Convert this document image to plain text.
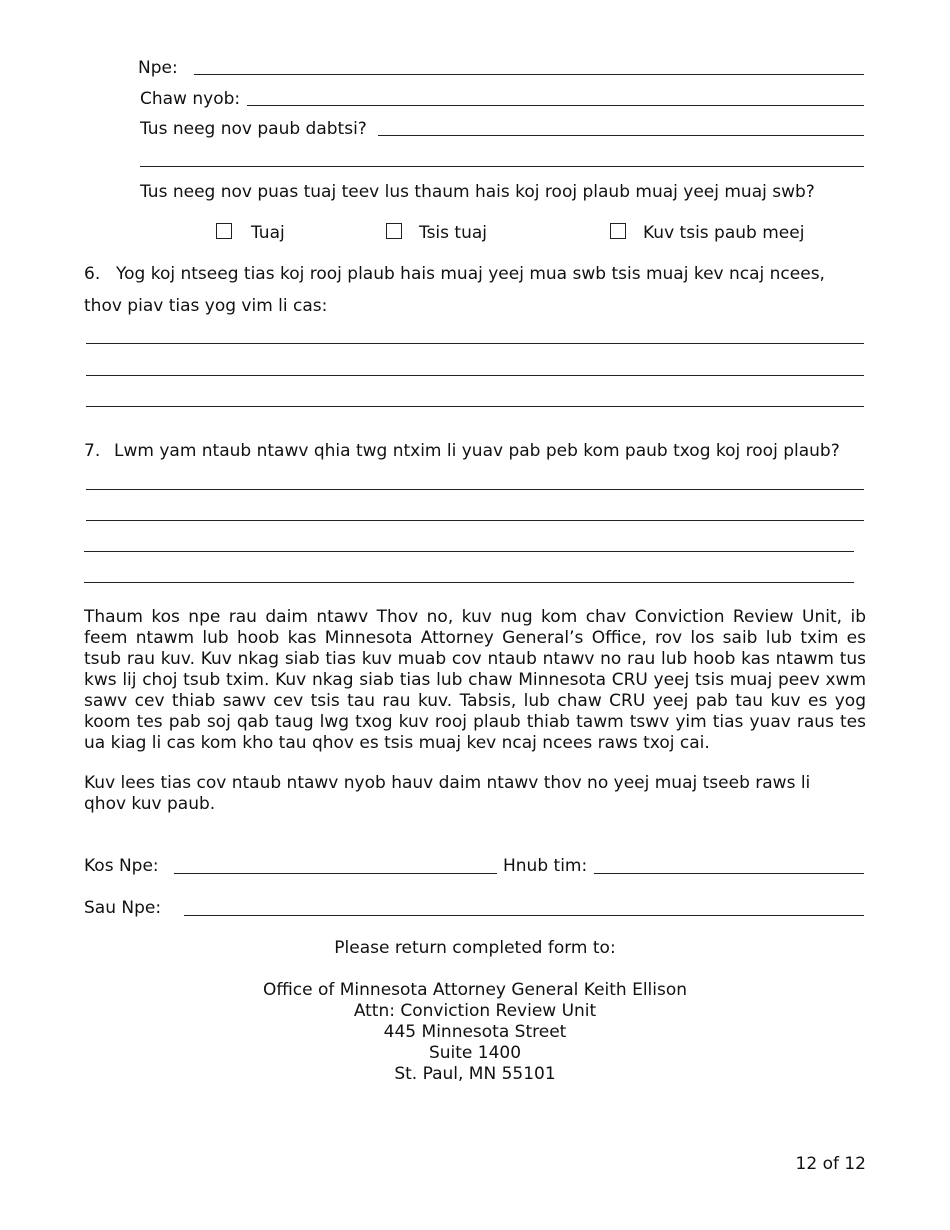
Npe:
Chaw nyob:
Tus neeg nov paub dabtsi?
Tus neeg nov puas tuaj teev lus thaum hais koj rooj plaub muaj yeej muaj swb?
Tuaj	Tsis tuaj	Kuv tsis paub meej
6. Yog koj ntseeg tias koj rooj plaub hais muaj yeej mua swb tsis muaj kev ncaj ncees,
thov piav tias yog vim li cas:
7. Lwm yam ntaub ntawv qhia twg ntxim li yuav pab peb kom paub txog koj rooj plaub?
Thaum kos npe rau daim ntawv Thov no, kuv nug kom chav Conviction Review Unit, ib feem ntawm lub hoob kas Minnesota Attorney General’s Office, rov los saib lub txim es tsub rau kuv. Kuv nkag siab tias kuv muab cov ntaub ntawv no rau lub hoob kas ntawm tus kws lij choj tsub txim. Kuv nkag siab tias lub chaw Minnesota CRU yeej tsis muaj peev xwm sawv cev thiab sawv cev tsis tau rau kuv. Tabsis, lub chaw CRU yeej pab tau kuv es yog koom tes pab soj qab taug lwg txog kuv rooj plaub thiab tawm tswv yim tias yuav raus tes ua kiag li cas kom kho tau qhov es tsis muaj kev ncaj ncees raws txoj cai.
Kuv lees tias cov ntaub ntawv nyob hauv daim ntawv thov no yeej muaj tseeb raws li qhov kuv paub.
Kos Npe:	Hnub tim:
Sau Npe:
Please return completed form to:
Office of Minnesota Attorney General Keith Ellison
Attn: Conviction Review Unit
445 Minnesota Street
Suite 1400
St. Paul, MN 55101
12 of 12
